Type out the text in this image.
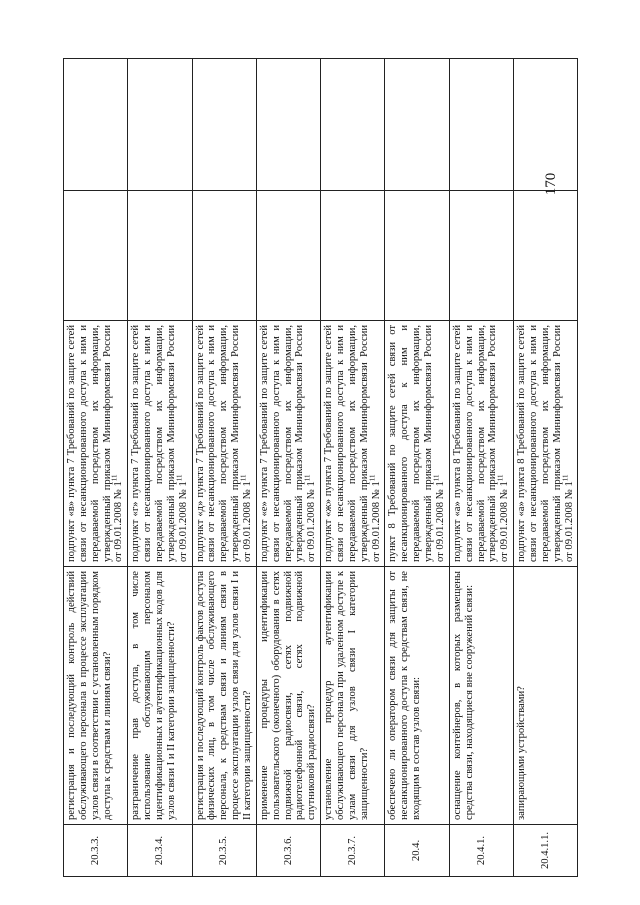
170
20.3.3.	регистрация и последующий контроль действий обслуживающего персонала в процессе эксплуатации узлов связи в соответствии с установленным порядком доступа к средствам и линиям связи?	подпункт «в» пункта 7 Требований по защите сетей связи от несанкционированного доступа к ним и передаваемой посредством их информации, утвержденный приказом Мининформсвязи России от 09.01.2008 № $1^{11}$		
20.3.4.	разграничение прав доступа, в том числе использование обслуживающим персоналом идентификационных и аутентификационных кодов для узлов связи I и II категории защищенности?	подпункт «г» пункта 7 Требований по защите сетей связи от несанкционированного доступа к ним и передаваемой посредством их информации, утвержденный приказом Мининформсвязи России от 09.01.2008 № $1^{11}$		
20.3.5.	регистрация и последующий контроль фактов доступа физических лиц, в том числе обслуживающего персонала, к средствам связи и линиям связи в процессе эксплуатации узлов связи для узлов связи I и II категории защищенности?	подпункт «д» пункта 7 Требований по защите сетей связи от несанкционированного доступа к ним и передаваемой посредством их информации, утвержденный приказом Мининформсвязи России от 09.01.2008 № $1^{11}$		
20.3.6.	применение процедуры идентификации пользовательского (оконечного) оборудования в сетях подвижной радиосвязи, сетях подвижной радиотелефонной связи, сетях подвижной спутниковой радиосвязи?	подпункт «е» пункта 7 Требований по защите сетей связи от несанкционированного доступа к ним и передаваемой посредством их информации, утвержденный приказом Мининформсвязи России от 09.01.2008 № $1^{11}$		
20.3.7.	установление процедур аутентификации обслуживающего персонала при удаленном доступе к узлам связи для узлов связи I категории защищенности?	подпункт «ж» пункта 7 Требований по защите сетей связи от несанкционированного доступа к ним и передаваемой посредством их информации, утвержденный приказом Мининформсвязи России от 09.01.2008 № $1^{11}$		
20.4.	обеспечено ли оператором связи для защиты от несанкционированного доступа к средствам связи, не входящим в состав узлов связи:	пункт 8 Требований по защите сетей связи от несанкционированного доступа к ним и передаваемой посредством их информации, утвержденный приказом Мининформсвязи России от 09.01.2008 № $1^{11}$		
20.4.1.	оснащение контейнеров, в которых размещены средства связи, находящиеся вне сооружений связи:	подпункт «а» пункта 8 Требований по защите сетей связи от несанкционированного доступа к ним и передаваемой посредством их информации, утвержденный приказом Мининформсвязи России от 09.01.2008 № $1^{11}$		
20.4.1.1.	запирающими устройствами?	подпункт «а» пункта 8 Требований по защите сетей связи от несанкционированного доступа к ним и передаваемой посредством их информации, утвержденный приказом Мининформсвязи России от 09.01.2008 № $1^{11}$		
